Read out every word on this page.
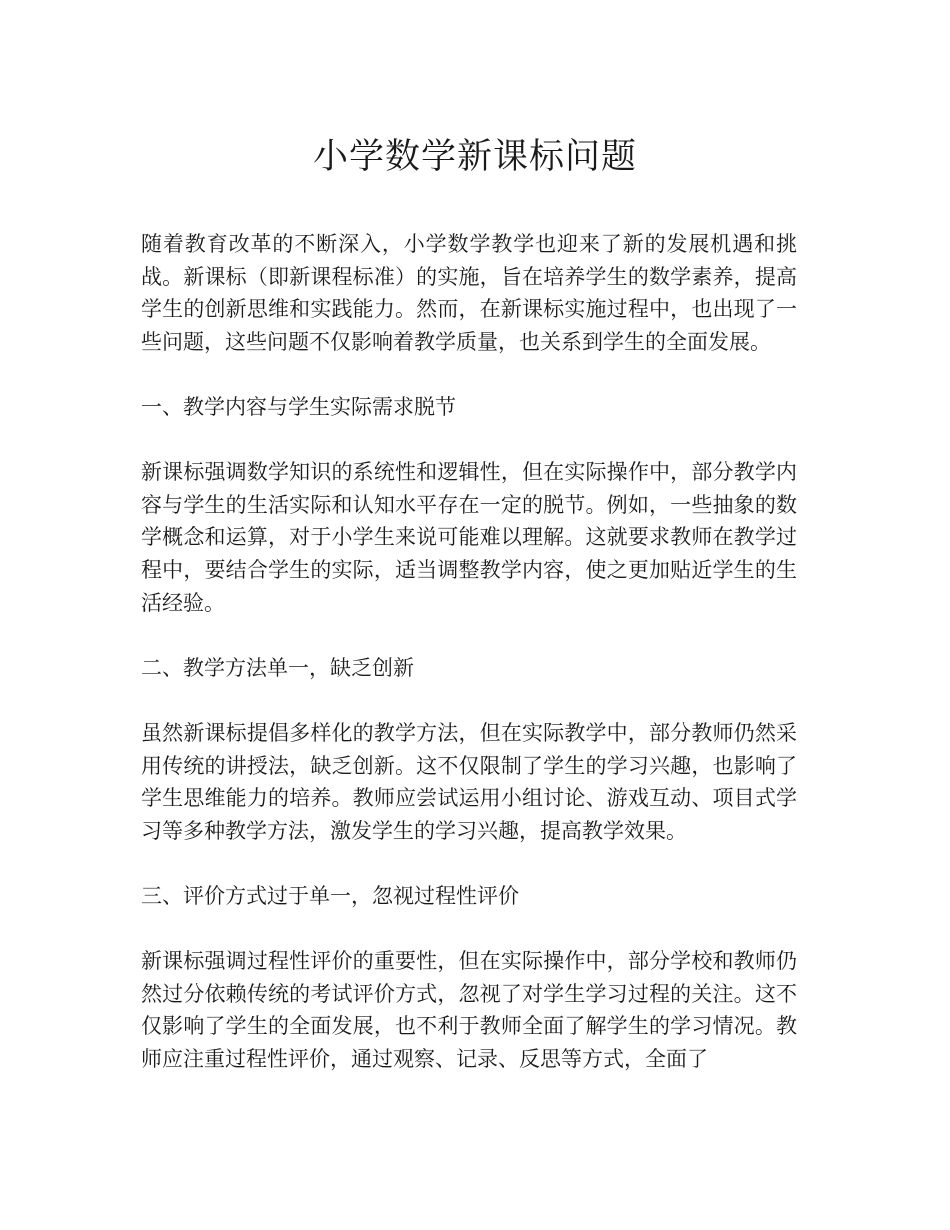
小学数学新课标问题

随着教育改革的不断深入，小学数学教学也迎来了新的发展机遇和挑战。新课标（即新课程标准）的实施，旨在培养学生的数学素养，提高学生的创新思维和实践能力。然而，在新课标实施过程中，也出现了一些问题，这些问题不仅影响着教学质量，也关系到学生的全面发展。

一、教学内容与学生实际需求脱节

新课标强调数学知识的系统性和逻辑性，但在实际操作中，部分教学内容与学生的生活实际和认知水平存在一定的脱节。例如，一些抽象的数学概念和运算，对于小学生来说可能难以理解。这就要求教师在教学过程中，要结合学生的实际，适当调整教学内容，使之更加贴近学生的生活经验。

二、教学方法单一，缺乏创新

虽然新课标提倡多样化的教学方法，但在实际教学中，部分教师仍然采用传统的讲授法，缺乏创新。这不仅限制了学生的学习兴趣，也影响了学生思维能力的培养。教师应尝试运用小组讨论、游戏互动、项目式学习等多种教学方法，激发学生的学习兴趣，提高教学效果。

三、评价方式过于单一，忽视过程性评价

新课标强调过程性评价的重要性，但在实际操作中，部分学校和教师仍然过分依赖传统的考试评价方式，忽视了对学生学习过程的关注。这不仅影响了学生的全面发展，也不利于教师全面了解学生的学习情况。教师应注重过程性评价，通过观察、记录、反思等方式，全面了
